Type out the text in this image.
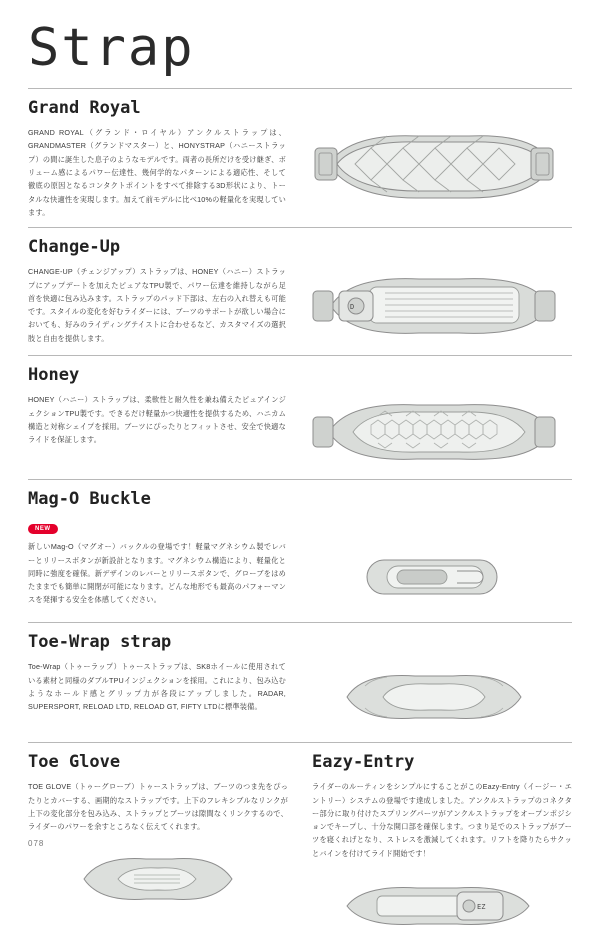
Strap
Grand Royal
GRAND ROYAL（グランド・ロイヤル）アンクルストラップは、GRANDMASTER（グランドマスター）と、HONYSTRAP（ハニーストラップ）の間に誕生した息子のようなモデルです。両者の長所だけを受け継ぎ、ボリューム感によるパワー伝達性、幾何学的なパターンによる適応性、そして徹底の原因となるコンタクトポイントをすべて排除する3D形状により、トータルな快適性を実現します。加えて前モデルに比べ10%の軽量化を実現しています。
Change-Up
CHANGE-UP（チェンジアップ）ストラップは、HONEY（ハニー）ストラップにアップデートを加えたピュアなTPU製で、パワー伝達を維持しながら足首を快適に包み込みます。ストラップのパッド下部は、左右の入れ替えも可能です。スタイルの変化を好むライダーには、ブーツのサポートが欲しい場合においても、好みのライディングテイストに合わせるなど、カスタマイズの選択肢と自由を提供します。
D
Honey
HONEY（ハニー）ストラップは、柔軟性と耐久性を兼ね備えたピュアインジェクションTPU製です。できるだけ軽量かつ快適性を提供するため、ハニカム構造と対称シェイプを採用。ブーツにぴったりとフィットさせ、安全で快適なライドを保証します。
Mag-O Buckle
NEW
新しいMag-O（マグオー）バックルの登場です！軽量マグネシウム製でレバーとリリースボタンが新設計となります。マグネシウム構造により、軽量化と同時に強度を確保。新デザインのレバーとリリースボタンで、グローブをはめたままでも簡単に開閉が可能になります。どんな地形でも最高のパフォーマンスを発揮する安全を体感してください。
Toe-Wrap strap
Toe-Wrap（トゥーラップ）トゥーストラップは、SK8ホイールに使用されている素材と同様のダブルTPUインジェクションを採用。これにより、包み込むようなホールド感とグリップ力が各段にアップしました。RADAR, SUPERSPORT, RELOAD LTD, RELOAD GT, FIFTY LTDに標準装備。
Toe Glove
TOE GLOVE（トゥーグローブ）トゥーストラップは、ブーツのつま先をぴったりとカバーする、画期的なストラップです。上下のフレキシブルなリンクが上下の変化部分を包み込み、ストラップとブーツは隙間なくリンクするので、ライダーのパワーを余すところなく伝えてくれます。
Eazy-Entry
ライダーのルーティンをシンプルにすることがこのEazy-Entry（イージー・エントリー）システムの登場です達成しました。アンクルストラップのコネクター部分に取り付けたスプリングパーツがアンクルストラップをオープンポジションでキープし、十分な開口部を確保します。つまり足でのストラップがブーツを寝くれげとなり、ストレスを激減してくれます。リフトを降りたらサクッとバインを付けてライド開始です！
EZ
078
